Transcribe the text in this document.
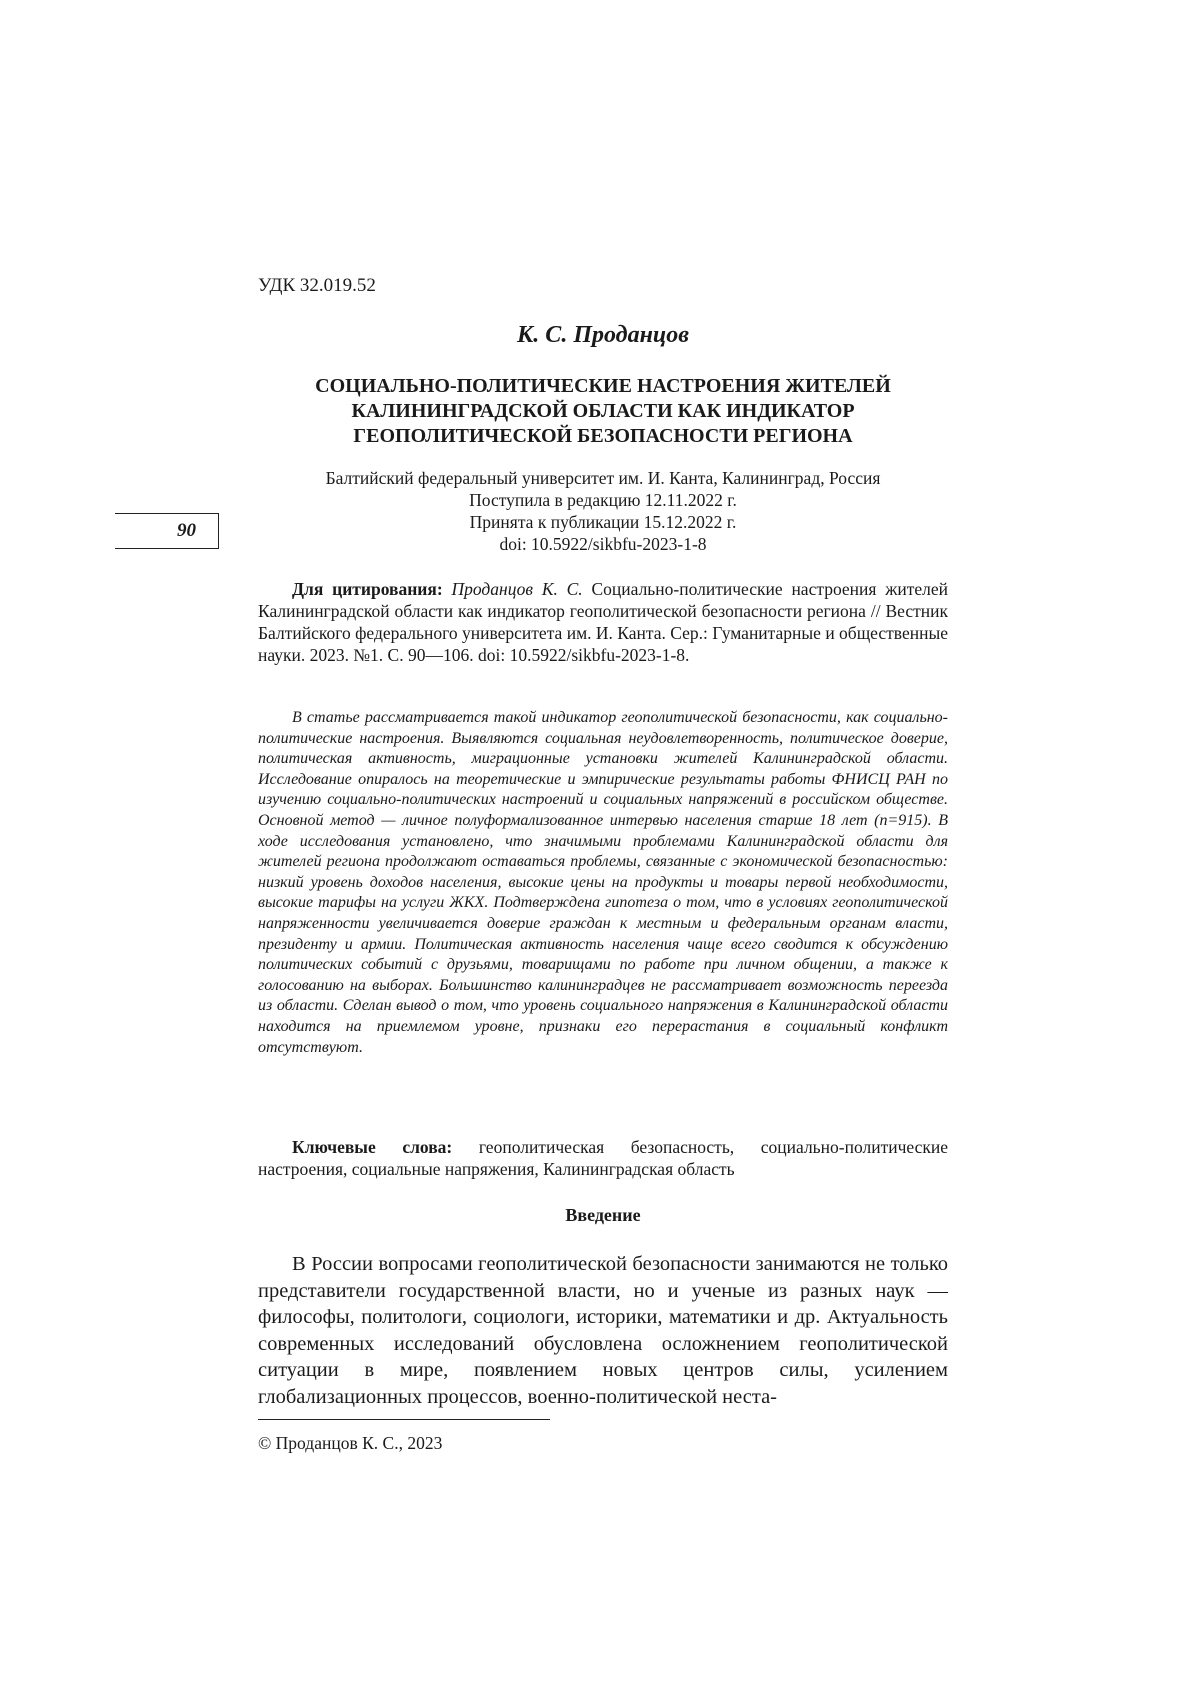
УДК 32.019.52
К. С. Проданцов
СОЦИАЛЬНО-ПОЛИТИЧЕСКИЕ НАСТРОЕНИЯ ЖИТЕЛЕЙ
КАЛИНИНГРАДСКОЙ ОБЛАСТИ КАК ИНДИКАТОР
ГЕОПОЛИТИЧЕСКОЙ БЕЗОПАСНОСТИ РЕГИОНА
Балтийский федеральный университет им. И. Канта, Калининград, Россия
Поступила в редакцию 12.11.2022 г.
Принята к публикации 15.12.2022 г.
doi: 10.5922/sikbfu-2023-1-8
90
Для цитирования: Проданцов К. С. Социально-политические настроения жителей Калининградской области как индикатор геополитической безопасности региона // Вестник Балтийского федерального университета им. И. Канта. Сер.: Гуманитарные и общественные науки. 2023. №1. С. 90—106. doi: 10.5922/sikbfu-2023-1-8.
В статье рассматривается такой индикатор геополитической безопасности, как социально-политические настроения. Выявляются социальная неудовлетворенность, политическое доверие, политическая активность, миграционные установки жителей Калининградской области. Исследование опиралось на теоретические и эмпирические результаты работы ФНИСЦ РАН по изучению социально-политических настроений и социальных напряжений в российском обществе. Основной метод — личное полуформализованное интервью населения старше 18 лет (n=915). В ходе исследования установлено, что значимыми проблемами Калининградской области для жителей региона продолжают оставаться проблемы, связанные с экономической безопасностью: низкий уровень доходов населения, высокие цены на продукты и товары первой необходимости, высокие тарифы на услуги ЖКХ. Подтверждена гипотеза о том, что в условиях геополитической напряженности увеличивается доверие граждан к местным и федеральным органам власти, президенту и армии. Политическая активность населения чаще всего сводится к обсуждению политических событий с друзьями, товарищами по работе при личном общении, а также к голосованию на выборах. Большинство калининградцев не рассматривает возможность переезда из области. Сделан вывод о том, что уровень социального напряжения в Калининградской области находится на приемлемом уровне, признаки его перерастания в социальный конфликт отсутствуют.
Ключевые слова: геополитическая безопасность, социально-политические настроения, социальные напряжения, Калининградская область
Введение
В России вопросами геополитической безопасности занимаются не только представители государственной власти, но и ученые из разных наук — философы, политологи, социологи, историки, математики и др. Актуальность современных исследований обусловлена осложнением геополитической ситуации в мире, появлением новых центров силы, усилением глобализационных процессов, военно-политической неста-
© Проданцов К. С., 2023
